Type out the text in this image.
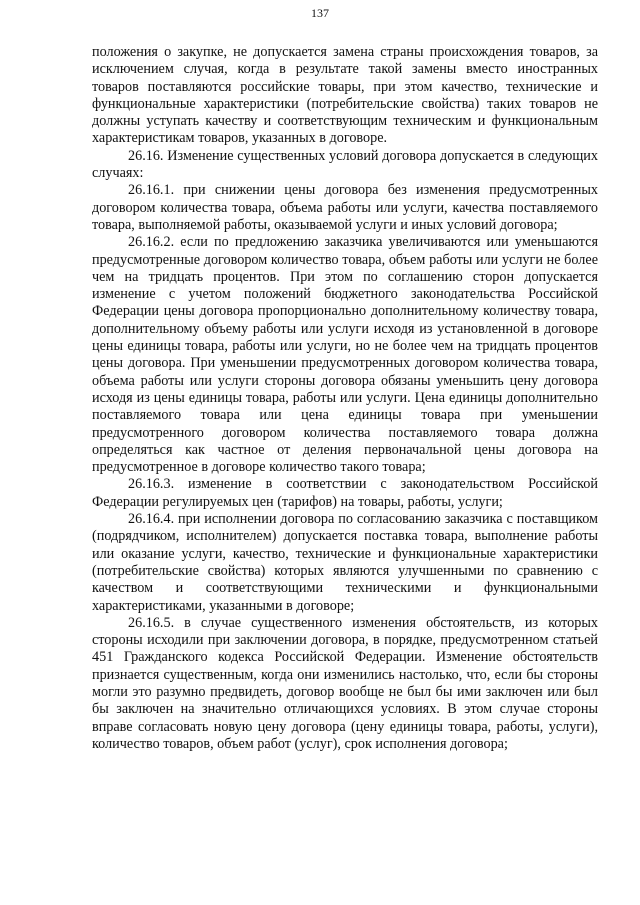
137

положения о закупке, не допускается замена страны происхождения товаров, за исключением случая, когда в результате такой замены вместо иностранных товаров поставляются российские товары, при этом качество, технические и функциональные характеристики (потребительские свойства) таких товаров не должны уступать качеству и соответствующим техническим и функциональным характеристикам товаров, указанных в договоре.

26.16. Изменение существенных условий договора допускается в следующих случаях:

26.16.1. при снижении цены договора без изменения предусмотренных договором количества товара, объема работы или услуги, качества поставляемого товара, выполняемой работы, оказываемой услуги и иных условий договора;

26.16.2. если по предложению заказчика увеличиваются или уменьшаются предусмотренные договором количество товара, объем работы или услуги не более чем на тридцать процентов. При этом по соглашению сторон допускается изменение с учетом положений бюджетного законодательства Российской Федерации цены договора пропорционально дополнительному количеству товара, дополнительному объему работы или услуги исходя из установленной в договоре цены единицы товара, работы или услуги, но не более чем на тридцать процентов цены договора. При уменьшении предусмотренных договором количества товара, объема работы или услуги стороны договора обязаны уменьшить цену договора исходя из цены единицы товара, работы или услуги. Цена единицы дополнительно поставляемого товара или цена единицы товара при уменьшении предусмотренного договором количества поставляемого товара должна определяться как частное от деления первоначальной цены договора на предусмотренное в договоре количество такого товара;

26.16.3. изменение в соответствии с законодательством Российской Федерации регулируемых цен (тарифов) на товары, работы, услуги;

26.16.4. при исполнении договора по согласованию заказчика с поставщиком (подрядчиком, исполнителем) допускается поставка товара, выполнение работы или оказание услуги, качество, технические и функциональные характеристики (потребительские свойства) которых являются улучшенными по сравнению с качеством и соответствующими техническими и функциональными характеристиками, указанными в договоре;

26.16.5. в случае существенного изменения обстоятельств, из которых стороны исходили при заключении договора, в порядке, предусмотренном статьей 451 Гражданского кодекса Российской Федерации. Изменение обстоятельств признается существенным, когда они изменились настолько, что, если бы стороны могли это разумно предвидеть, договор вообще не был бы ими заключен или был бы заключен на значительно отличающихся условиях. В этом случае стороны вправе согласовать новую цену договора (цену единицы товара, работы, услуги), количество товаров, объем работ (услуг), срок исполнения договора;
